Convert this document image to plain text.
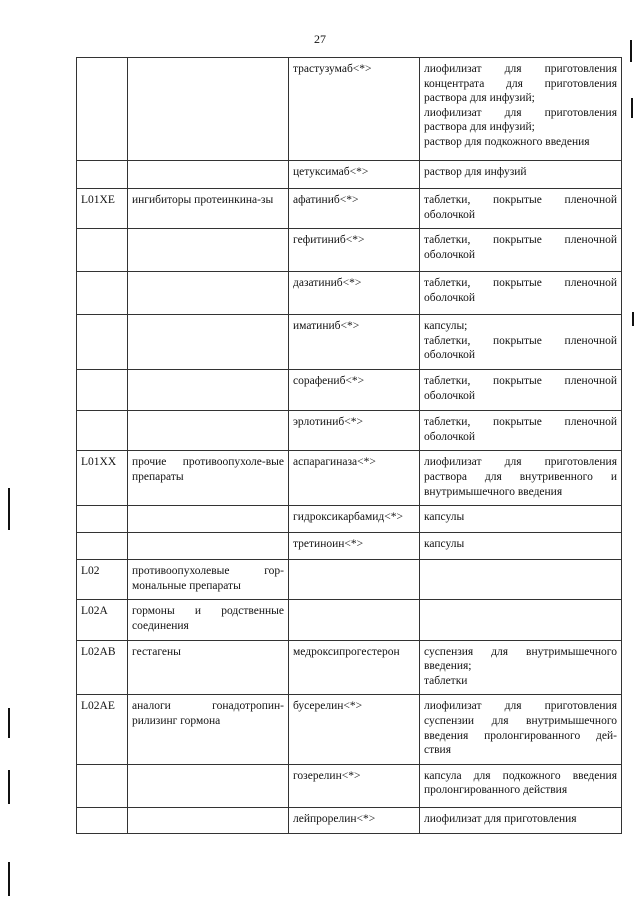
27
		трастузумаб<*>	лиофилизат для приготовления концентрата для приготовления раствора для инфузий;
лиофилизат для приготовления раствора для инфузий;
раствор для подкожного введения

		цетуксимаб<*>	раствор для инфузий

L01XE	ингибиторы протеинкина-зы	афатиниб<*>	таблетки, покрытые пленочной оболочкой

		гефитиниб<*>	таблетки, покрытые пленочной оболочкой

		дазатиниб<*>	таблетки, покрытые пленочной оболочкой

		иматиниб<*>	капсулы;
таблетки, покрытые пленочной оболочкой

		сорафениб<*>	таблетки, покрытые пленочной оболочкой

		эрлотиниб<*>	таблетки, покрытые пленочной оболочкой

L01XX	прочие противоопухоле-вые препараты	аспарагиназа<*>	лиофилизат для приготовления раствора для внутривенного и внутримышечного введения

		гидроксикарбамид<*>	капсулы

		третиноин<*>	капсулы

L02	противоопухолевые гор-мональные препараты		
L02A	гормоны и родственные соединения		
L02AB	гестагены	медроксипрогестерон	суспензия для внутримышечного введения;
таблетки

L02AE	аналоги гонадотропин-рилизинг гормона	бусерелин<*>	лиофилизат для приготовления суспензии для внутримышечного введения пролонгированного дей-ствия

		гозерелин<*>	капсула для подкожного введения пролонгированного действия

		лейпрорелин<*>	лиофилизат для приготовления
